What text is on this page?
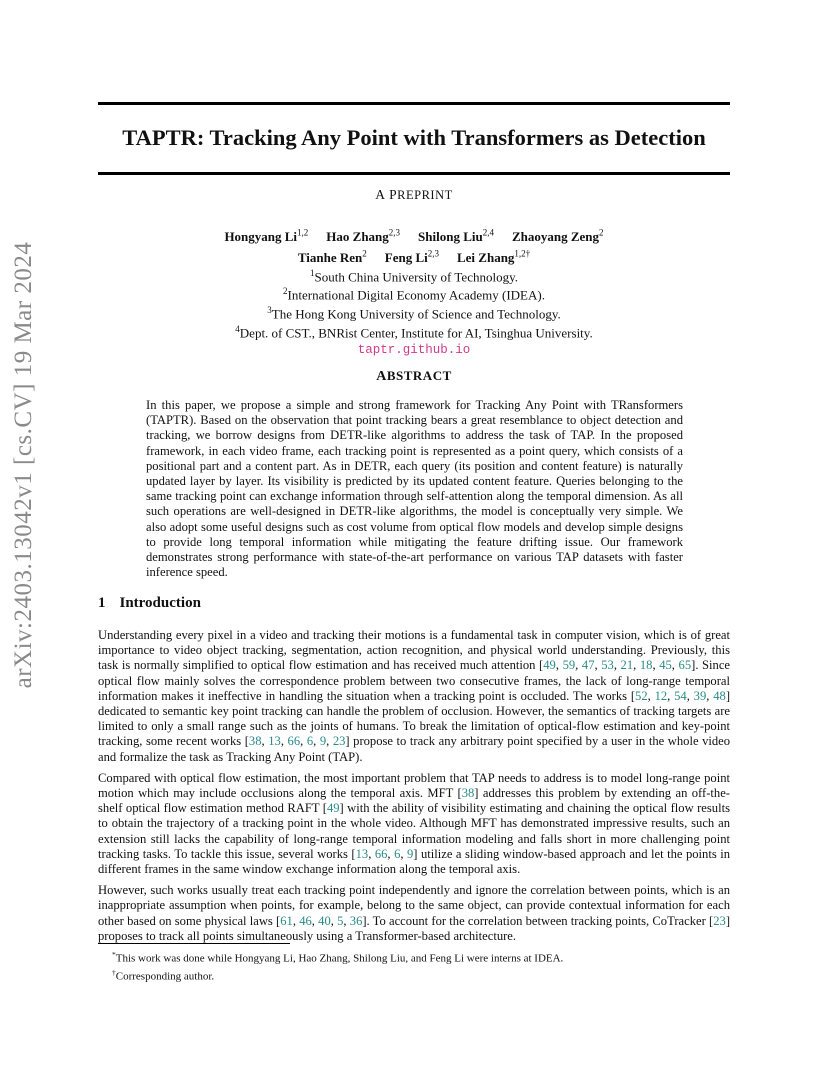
arXiv:2403.13042v1 [cs.CV] 19 Mar 2024
TAPTR: Tracking Any Point with Transformers as Detection
A PREPRINT
Hongyang Li$^{1,2}$ Hao Zhang$^{2,3}$ Shilong Liu$^{2,4}$ Zhaoyang Zeng$^2$
Tianhe Ren$^2$ Feng Li$^{2,3}$ Lei Zhang$^{1,2\dagger}$
$^1$South China University of Technology.
$^2$International Digital Economy Academy (IDEA).
$^3$The Hong Kong University of Science and Technology.
$^4$Dept. of CST., BNRist Center, Institute for AI, Tsinghua University.
taptr.github.io
ABSTRACT
In this paper, we propose a simple and strong framework for Tracking Any Point with TRansformers (TAPTR). Based on the observation that point tracking bears a great resemblance to object detection and tracking, we borrow designs from DETR-like algorithms to address the task of TAP. In the proposed framework, in each video frame, each tracking point is represented as a point query, which consists of a positional part and a content part. As in DETR, each query (its position and content feature) is naturally updated layer by layer. Its visibility is predicted by its updated content feature. Queries belonging to the same tracking point can exchange information through self-attention along the temporal dimension. As all such operations are well-designed in DETR-like algorithms, the model is conceptually very simple. We also adopt some useful designs such as cost volume from optical flow models and develop simple designs to provide long temporal information while mitigating the feature drifting issue. Our framework demonstrates strong performance with state-of-the-art performance on various TAP datasets with faster inference speed.
1 Introduction

Understanding every pixel in a video and tracking their motions is a fundamental task in computer vision, which is of great importance to video object tracking, segmentation, action recognition, and physical world understanding. Previously, this task is normally simplified to optical flow estimation and has received much attention [49, 59, 47, 53, 21, 18, 45, 65]. Since optical flow mainly solves the correspondence problem between two consecutive frames, the lack of long-range temporal information makes it ineffective in handling the situation when a tracking point is occluded. The works [52, 12, 54, 39, 48] dedicated to semantic key point tracking can handle the problem of occlusion. However, the semantics of tracking targets are limited to only a small range such as the joints of humans. To break the limitation of optical-flow estimation and key-point tracking, some recent works [38, 13, 66, 6, 9, 23] propose to track any arbitrary point specified by a user in the whole video and formalize the task as Tracking Any Point (TAP).

Compared with optical flow estimation, the most important problem that TAP needs to address is to model long-range point motion which may include occlusions along the temporal axis. MFT [38] addresses this problem by extending an off-the-shelf optical flow estimation method RAFT [49] with the ability of visibility estimating and chaining the optical flow results to obtain the trajectory of a tracking point in the whole video. Although MFT has demonstrated impressive results, such an extension still lacks the capability of long-range temporal information modeling and falls short in more challenging point tracking tasks. To tackle this issue, several works [13, 66, 6, 9] utilize a sliding window-based approach and let the points in different frames in the same window exchange information along the temporal axis.

However, such works usually treat each tracking point independently and ignore the correlation between points, which is an inappropriate assumption when points, for example, belong to the same object, can provide contextual information for each other based on some physical laws [61, 46, 40, 5, 36]. To account for the correlation between tracking points, CoTracker [23] proposes to track all points simultaneously using a Transformer-based architecture.

*This work was done while Hongyang Li, Hao Zhang, Shilong Liu, and Feng Li were interns at IDEA.
†Corresponding author.
